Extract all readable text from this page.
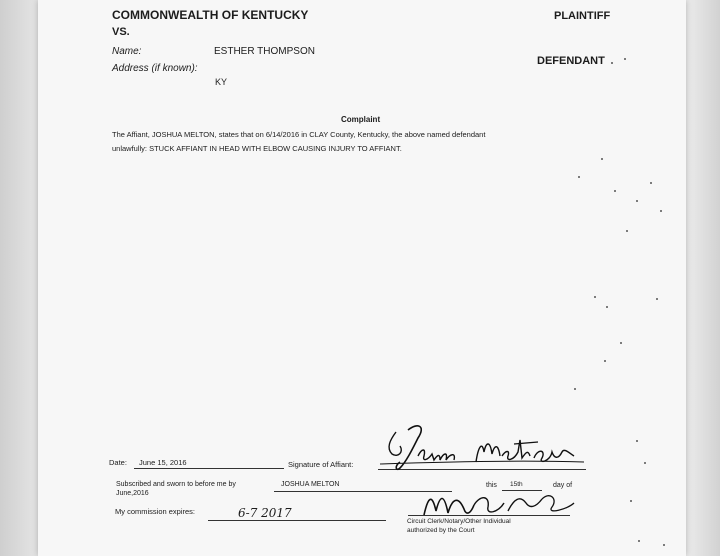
COMMONWEALTH OF KENTUCKY	PLAINTIFF
VS.
DEFENDANT
Name:	ESTHER THOMPSON
Address (if known):
KY
Complaint
The Affiant, JOSHUA MELTON, states that on 6/14/2016 in CLAY County, Kentucky, the above named defendant
unlawfully: STUCK AFFIANT IN HEAD WITH ELBOW CAUSING INJURY TO AFFIANT.
Date: June 15, 2016	Signature of Affiant:
Subscribed and sworn to before me by
June,2016
JOSHUA MELTON	this 15th	day of
My commission expires:	6-7 2017
Circuit Clerk/Notary/Other Individual
authorized by the Court
